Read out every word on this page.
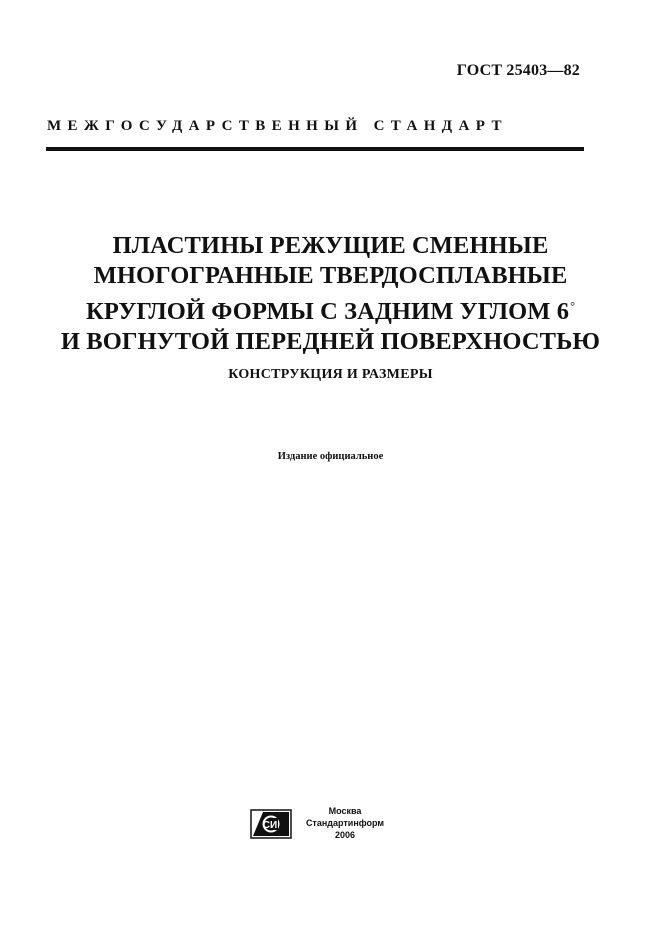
ГОСТ 25403—82
МЕЖГОСУДАРСТВЕННЫЙ СТАНДАРТ
ПЛАСТИНЫ РЕЖУЩИЕ СМЕННЫЕ
МНОГОГРАННЫЕ ТВЕРДОСПЛАВНЫЕ
КРУГЛОЙ ФОРМЫ С ЗАДНИМ УГЛОМ 6°
И ВОГНУТОЙ ПЕРЕДНЕЙ ПОВЕРХНОСТЬЮ
КОНСТРУКЦИЯ И РАЗМЕРЫ
Издание официальное
СИ
Москва
Стандартинформ
2006
